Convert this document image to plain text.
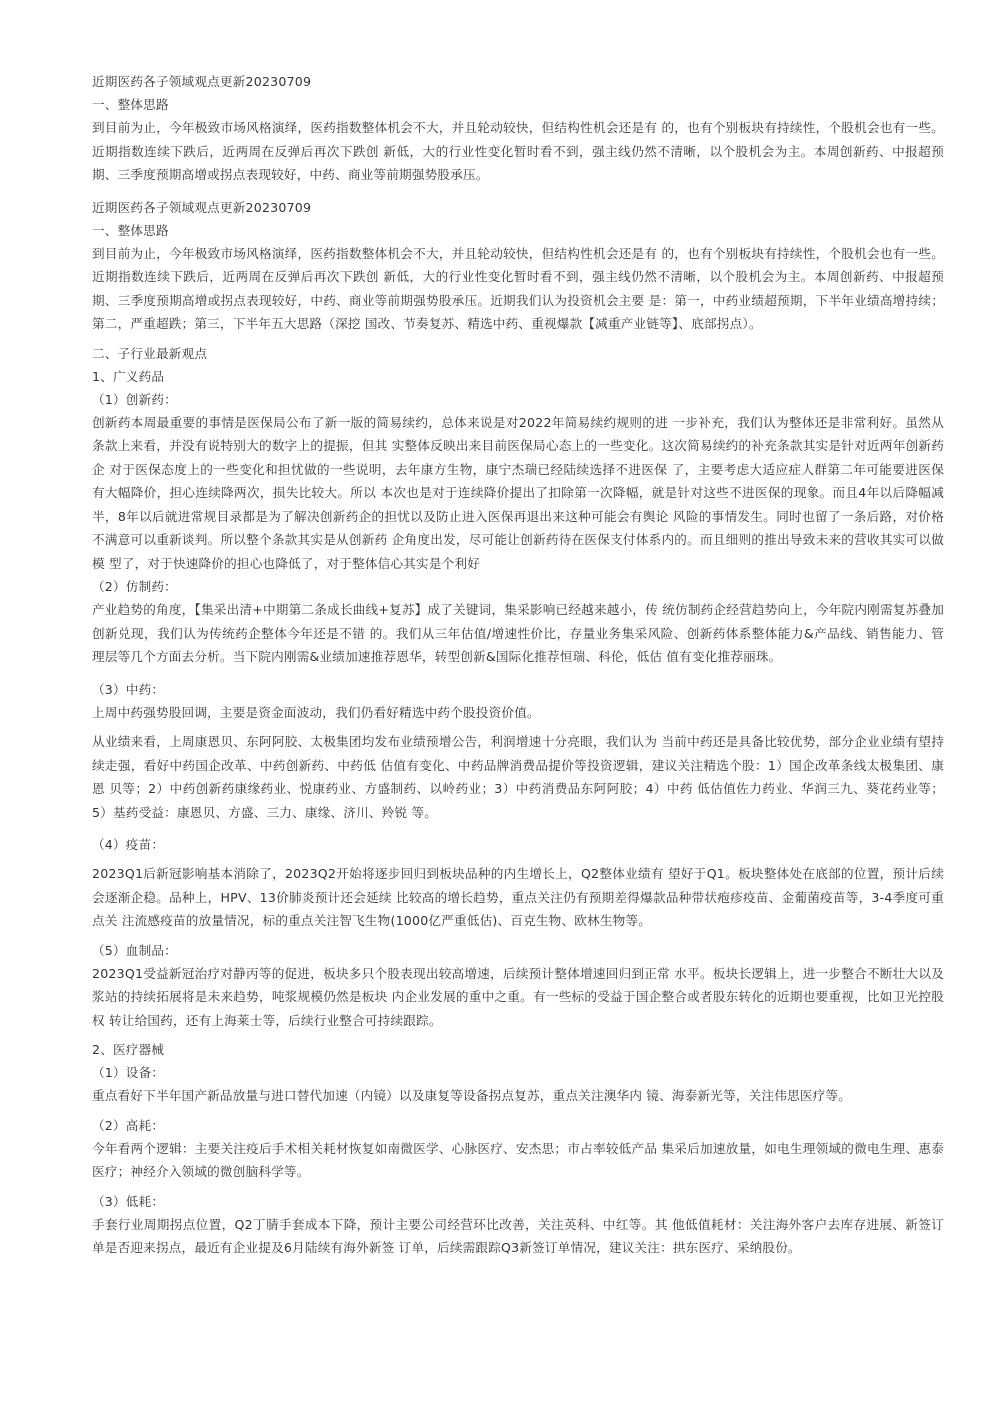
近期医药各子领域观点更新20230709
一、整体思路
到目前为止，今年极致市场风格演绎，医药指数整体机会不大，并且轮动较快，但结构性机会还是有 的，也有个别板块有持续性，个股机会也有一些。近期指数连续下跌后，近两周在反弹后再次下跌创 新低，大的行业性变化暂时看不到，强主线仍然不清晰，以个股机会为主。本周创新药、中报超预 期、三季度预期高增或拐点表现较好，中药、商业等前期强势股承压。
近期医药各子领域观点更新20230709
一、整体思路
到目前为止，今年极致市场风格演绎，医药指数整体机会不大，并且轮动较快，但结构性机会还是有 的，也有个别板块有持续性，个股机会也有一些。近期指数连续下跌后，近两周在反弹后再次下跌创 新低，大的行业性变化暂时看不到，强主线仍然不清晰，以个股机会为主。本周创新药、中报超预 期、三季度预期高增或拐点表现较好，中药、商业等前期强势股承压。近期我们认为投资机会主要 是：第一，中药业绩超预期，下半年业绩高增持续；第二，严重超跌；第三，下半年五大思路（深挖 国改、节奏复苏、精选中药、重视爆款【减重产业链等】、底部拐点）。
二、子行业最新观点
1、广义药品
（1）创新药：
创新药本周最重要的事情是医保局公布了新一版的简易续约，总体来说是对2022年简易续约规则的进 一步补充，我们认为整体还是非常利好。虽然从条款上来看，并没有说特别大的数字上的提振，但其 实整体反映出来目前医保局心态上的一些变化。这次简易续约的补充条款其实是针对近两年创新药企 对于医保态度上的一些变化和担忧做的一些说明，去年康方生物，康宁杰瑞已经陆续选择不进医保 了，主要考虑大适应症人群第二年可能要进医保有大幅降价，担心连续降两次，损失比较大。所以 本次也是对于连续降价提出了扣除第一次降幅，就是针对这些不进医保的现象。而且4年以后降幅减 半，8年以后就进常规目录都是为了解决创新药企的担忧以及防止进入医保再退出来这种可能会有舆论 风险的事情发生。同时也留了一条后路，对价格不满意可以重新谈判。所以整个条款其实是从创新药 企角度出发，尽可能让创新药待在医保支付体系内的。而且细则的推出导致未来的营收其实可以做模 型了，对于快速降价的担心也降低了，对于整体信心其实是个利好
（2）仿制药：
产业趋势的角度，【集采出清+中期第二条成长曲线+复苏】成了关键词，集采影响已经越来越小，传 统仿制药企经营趋势向上，今年院内刚需复苏叠加创新兑现，我们认为传统药企整体今年还是不错 的。我们从三年估值/增速性价比，存量业务集采风险、创新药体系整体能力&产品线、销售能力、管 理层等几个方面去分析。当下院内刚需&业绩加速推荐恩华，转型创新&国际化推荐恒瑞、科伦，低估 值有变化推荐丽珠。
（3）中药：
上周中药强势股回调，主要是资金面波动，我们仍看好精选中药个股投资价值。
从业绩来看，上周康恩贝、东阿阿胶、太极集团均发布业绩预增公告，利润增速十分亮眼，我们认为 当前中药还是具备比较优势，部分企业业绩有望持续走强，看好中药国企改革、中药创新药、中药低 估值有变化、中药品牌消费品提价等投资逻辑，建议关注精选个股：1）国企改革条线太极集团、康恩 贝等；2）中药创新药康缘药业、悦康药业、方盛制药、以岭药业；3）中药消费品东阿阿胶；4）中药 低估值佐力药业、华润三九、葵花药业等；5）基药受益：康恩贝、方盛、三力、康缘、济川、羚锐 等。
（4）疫苗：
2023Q1后新冠影响基本消除了，2023Q2开始将逐步回归到板块品种的内生增长上，Q2整体业绩有 望好于Q1。板块整体处在底部的位置，预计后续会逐渐企稳。品种上，HPV、13价肺炎预计还会延续 比较高的增长趋势，重点关注仍有预期差得爆款品种带状疱疹疫苗、金葡菌疫苗等，3-4季度可重点关 注流感疫苗的放量情况，标的重点关注智飞生物(1000亿严重低估)、百克生物、欧林生物等。
（5）血制品：
2023Q1受益新冠治疗对静丙等的促进，板块多只个股表现出较高增速，后续预计整体增速回归到正常 水平。板块长逻辑上，进一步整合不断壮大以及浆站的持续拓展将是未来趋势，吨浆规模仍然是板块 内企业发展的重中之重。有一些标的受益于国企整合或者股东转化的近期也要重视，比如卫光控股权 转让给国药，还有上海莱士等，后续行业整合可持续跟踪。
2、医疗器械
（1）设备：
重点看好下半年国产新品放量与进口替代加速（内镜）以及康复等设备拐点复苏，重点关注澳华内 镜、海泰新光等，关注伟思医疗等。
（2）高耗：
今年看两个逻辑：主要关注疫后手术相关耗材恢复如南微医学、心脉医疗、安杰思；市占率较低产品 集采后加速放量，如电生理领域的微电生理、惠泰医疗；神经介入领域的微创脑科学等。
（3）低耗：
手套行业周期拐点位置，Q2丁腈手套成本下降，预计主要公司经营环比改善，关注英科、中红等。其 他低值耗材：关注海外客户去库存进展、新签订单是否迎来拐点，最近有企业提及6月陆续有海外新签 订单，后续需跟踪Q3新签订单情况，建议关注：拱东医疗、采纳股份。
